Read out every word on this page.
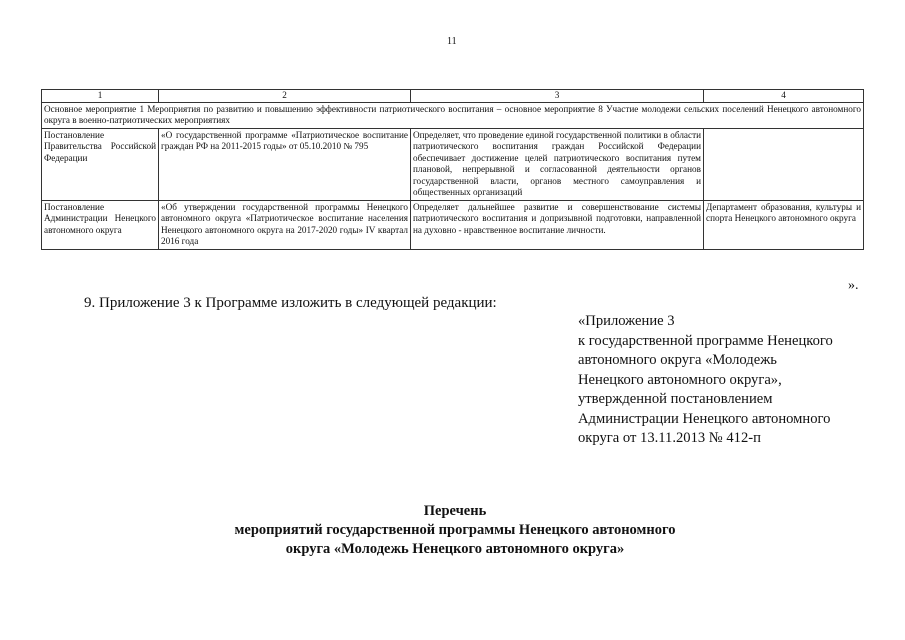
11
1	2	3	4
Основное мероприятие 1 Мероприятия по развитию и повышению эффективности патриотического воспитания – основное мероприятие 8 Участие молодежи сельских поселений Ненецкого автономного округа в военно-патриотических мероприятиях			
Постановление Правительства Российской Федерации	«О государственной программе «Патриотическое воспитание граждан РФ на 2011-2015 годы» от 05.10.2010 № 795	Определяет, что проведение единой государственной политики в области патриотического воспитания граждан Российской Федерации обеспечивает достижение целей патриотического воспитания путем плановой, непрерывной и согласованной деятельности органов государственной власти, органов местного самоуправления и общественных организаций	
Постановление Администрации Ненецкого автономного округа	«Об утверждении государственной программы Ненецкого автономного округа «Патриотическое воспитание населения Ненецкого автономного округа на 2017-2020 годы» IV квартал 2016 года	Определяет дальнейшее развитие и совершенствование системы патриотического воспитания и допризывной подготовки, направленной на духовно - нравственное воспитание личности.	Департамент образования, культуры и спорта Ненецкого автономного округа
».
9. Приложение 3 к Программе изложить в следующей редакции:
«Приложение 3
к государственной программе Ненецкого
автономного округа «Молодежь
Ненецкого автономного округа»,
утвержденной постановлением
Администрации Ненецкого автономного
округа от 13.11.2013 № 412-п
Перечень
мероприятий государственной программы Ненецкого автономного
округа «Молодежь Ненецкого автономного округа»
